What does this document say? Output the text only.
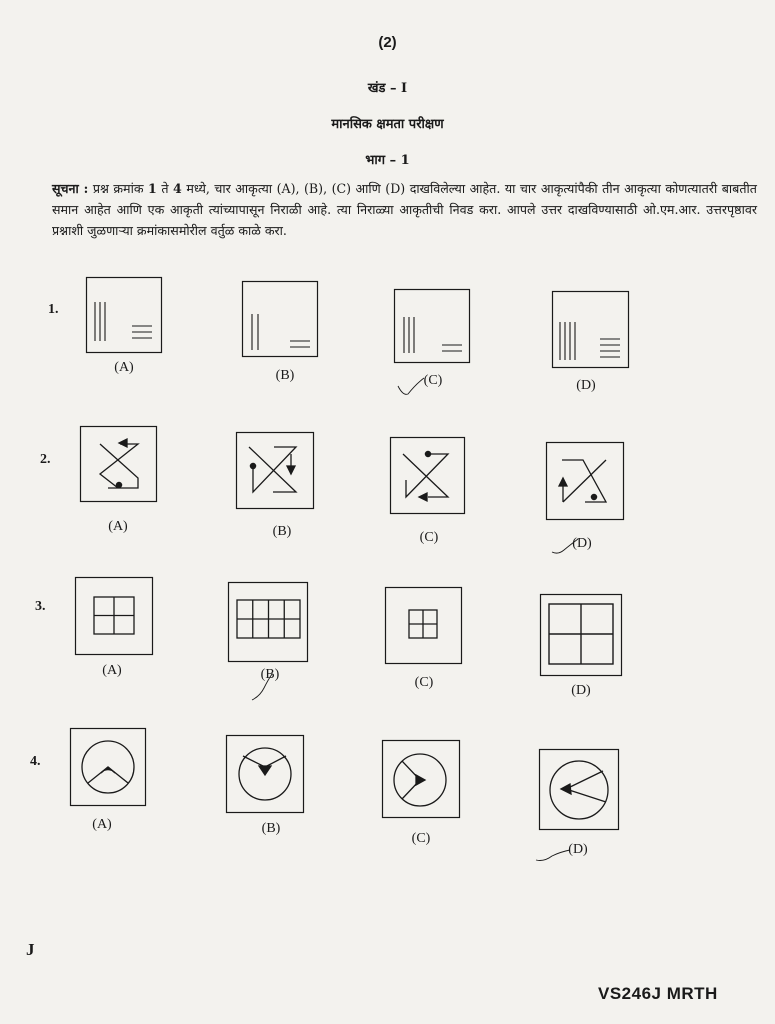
(2)
खंड – I
मानसिक क्षमता परीक्षण
भाग – 1
सूचना : प्रश्न क्रमांक 1 ते 4 मध्ये, चार आकृत्या (A), (B), (C) आणि (D) दाखविलेल्या आहेत. या चार आकृत्यांपैकी तीन आकृत्या कोणत्यातरी बाबतीत समान आहेत आणि एक आकृती त्यांच्यापासून निराळी आहे. त्या निराळ्या आकृतीची निवड करा. आपले उत्तर दाखविण्यासाठी ओ.एम.आर. उत्तरपृष्ठावर प्रश्नाशी जुळणाऱ्या क्रमांकासमोरील वर्तुळ काळे करा.
1.
(A)
(B)	(C)	(D)
2.
(A)	(B)	(C)	(D)
3.
(A)	(B)
(C)
(D)
4.
(A)	(B)
(C)
(D)
J
VS246J MRTH
